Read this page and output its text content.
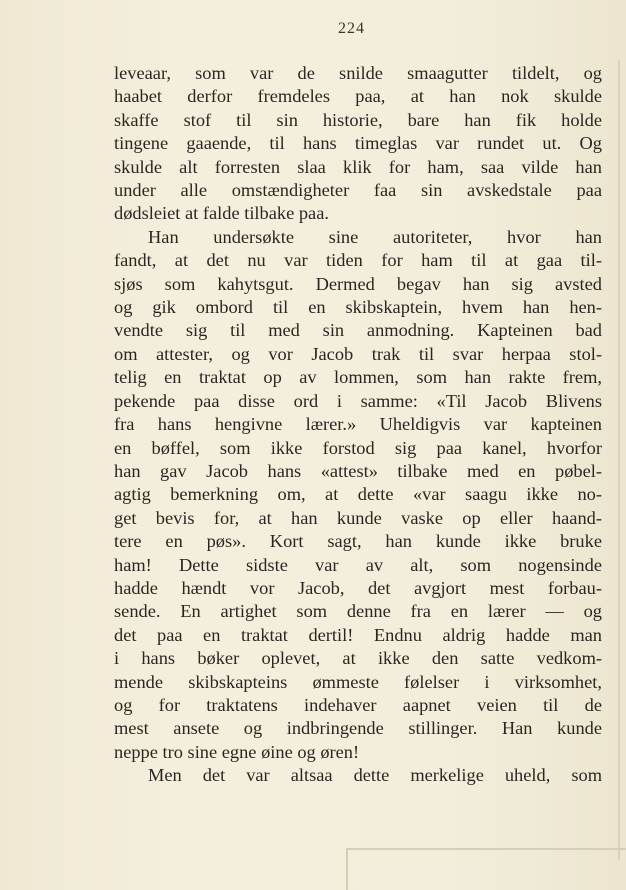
224
leveaar, som var de snilde smaagutter tildelt, og
haabet derfor fremdeles paa, at han nok skulde
skaffe stof til sin historie, bare han fik holde
tingene gaaende, til hans timeglas var rundet ut. Og
skulde alt forresten slaa klik for ham, saa vilde han
under alle omstændigheter faa sin avskedstale paa
dødsleiet at falde tilbake paa.
Han undersøkte sine autoriteter, hvor han
fandt, at det nu var tiden for ham til at gaa til-
sjøs som kahytsgut. Dermed begav han sig avsted
og gik ombord til en skibskaptein, hvem han hen-
vendte sig til med sin anmodning. Kapteinen bad
om attester, og vor Jacob trak til svar herpaa stol-
telig en traktat op av lommen, som han rakte frem,
pekende paa disse ord i samme: «Til Jacob Blivens
fra hans hengivne lærer.» Uheldigvis var kapteinen
en bøffel, som ikke forstod sig paa kanel, hvorfor
han gav Jacob hans «attest» tilbake med en pøbel-
agtig bemerkning om, at dette «var saagu ikke no-
get bevis for, at han kunde vaske op eller haand-
tere en pøs». Kort sagt, han kunde ikke bruke
ham! Dette sidste var av alt, som nogensinde
hadde hændt vor Jacob, det avgjort mest forbau-
sende. En artighet som denne fra en lærer — og
det paa en traktat dertil! Endnu aldrig hadde man
i hans bøker oplevet, at ikke den satte vedkom-
mende skibskapteins ømmeste følelser i virksomhet,
og for traktatens indehaver aapnet veien til de
mest ansete og indbringende stillinger. Han kunde
neppe tro sine egne øine og øren!
Men det var altsaa dette merkelige uheld, som
